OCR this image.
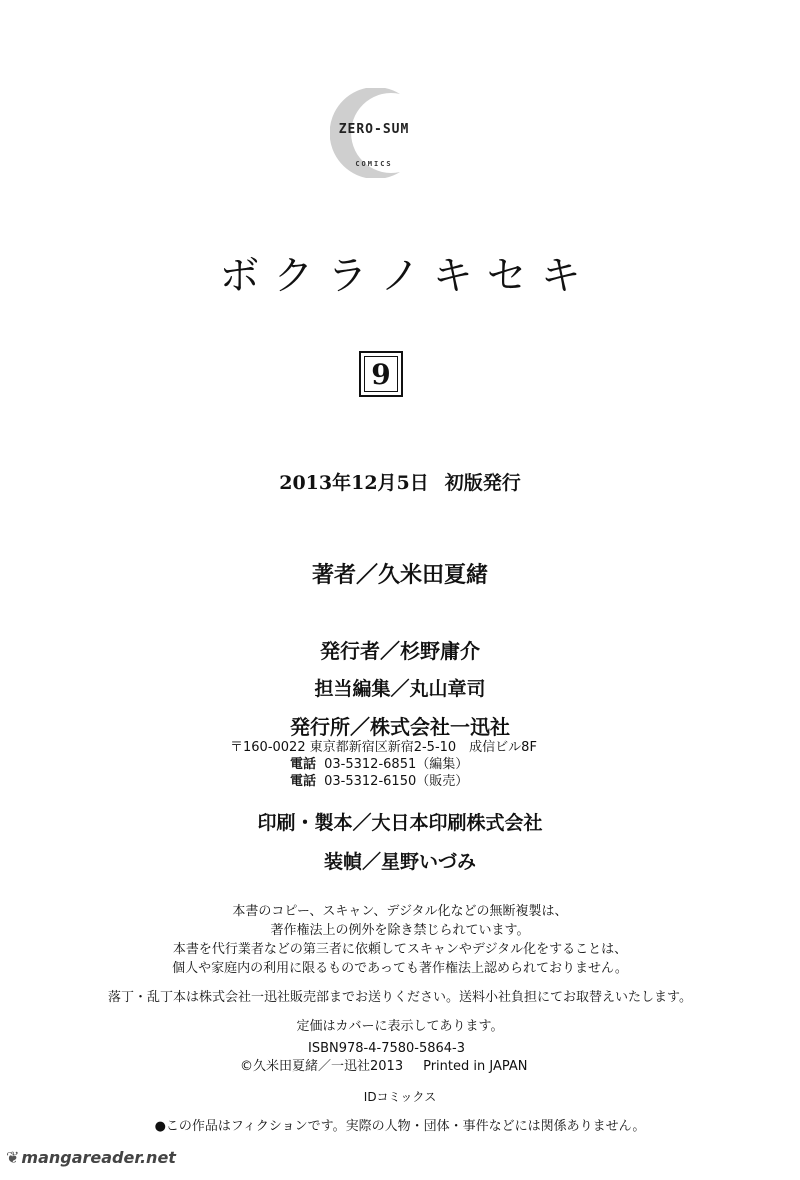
ZERO-SUM
COMICS
ボクラノキセキ
9
2013年12月5日 初版発行
著者／久米田夏緒
発行者／杉野庸介
担当編集／丸山章司
発行所／株式会社一迅社
〒160-0022 東京都新宿区新宿2-5-10　成信ビル8F
電話 03-5312-6851（編集）
電話 03-5312-6150（販売）
印刷・製本／大日本印刷株式会社
装幀／星野いづみ
本書のコピー、スキャン、デジタル化などの無断複製は、
著作権法上の例外を除き禁じられています。
本書を代行業者などの第三者に依頼してスキャンやデジタル化をすることは、
個人や家庭内の利用に限るものであっても著作権法上認められておりません。
落丁・乱丁本は株式会社一迅社販売部までお送りください。送料小社負担にてお取替えいたします。
定価はカバーに表示してあります。
ISBN978-4-7580-5864-3
©久米田夏緒／一迅社2013 Printed in JAPAN
IDコミックス
●この作品はフィクションです。実際の人物・団体・事件などには関係ありません。
❦ mangareader.net
